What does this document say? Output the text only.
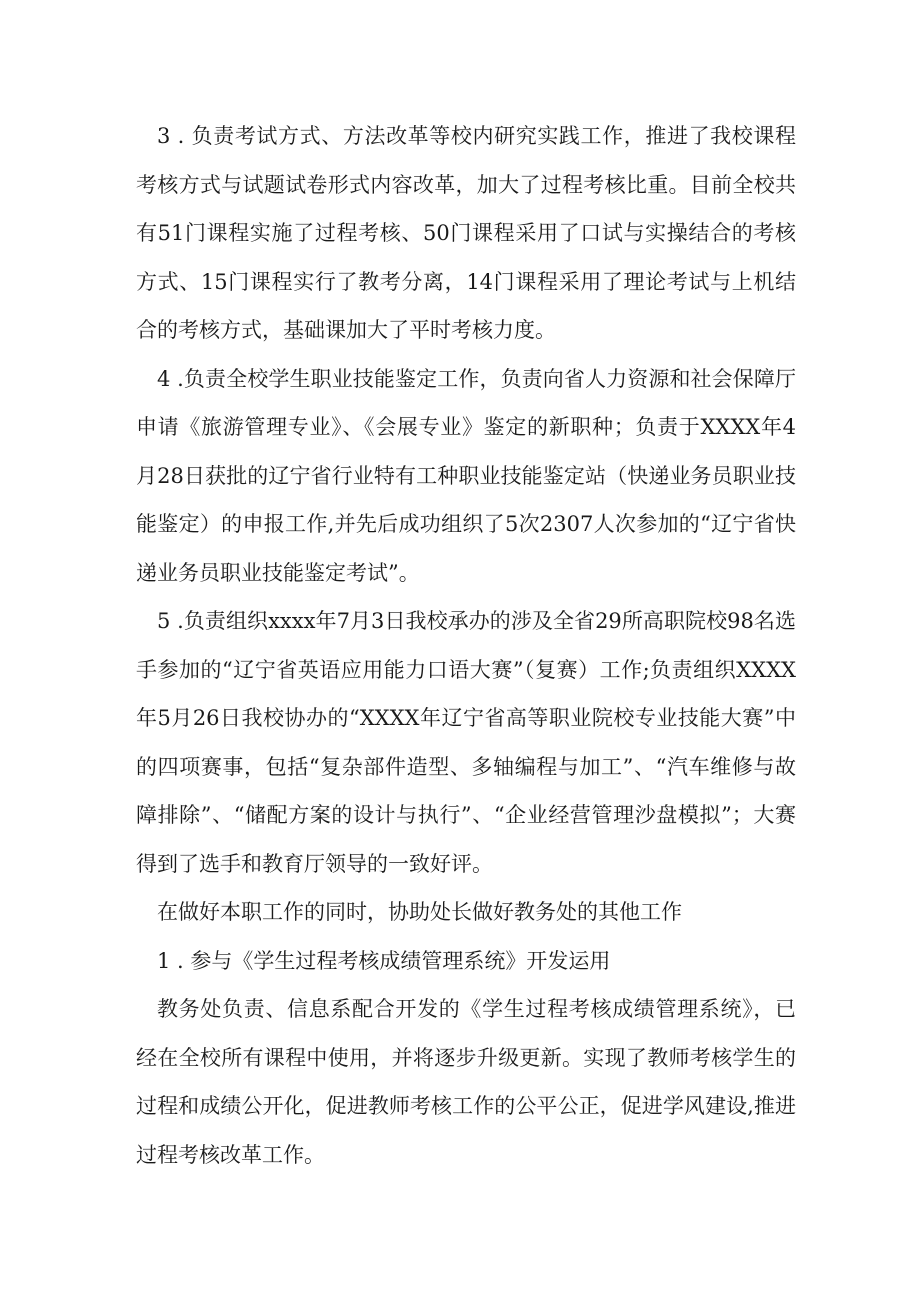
3 . 负责考试方式、方法改革等校内研究实践工作，推进了我校课程考核方式与试题试卷形式内容改革，加大了过程考核比重。目前全校共有51门课程实施了过程考核、50门课程采用了口试与实操结合的考核方式、15门课程实行了教考分离，14门课程采用了理论考试与上机结合的考核方式，基础课加大了平时考核力度。

4 .负责全校学生职业技能鉴定工作，负责向省人力资源和社会保障厅申请《旅游管理专业》、《会展专业》鉴定的新职种；负责于XXXX年4月28日获批的辽宁省行业特有工种职业技能鉴定站（快递业务员职业技能鉴定）的申报工作,并先后成功组织了5次2307人次参加的“辽宁省快递业务员职业技能鉴定考试”。

5 .负责组织xxxx年7月3日我校承办的涉及全省29所高职院校98名选手参加的“辽宁省英语应用能力口语大赛”（复赛）工作;负责组织XXXX年5月26日我校协办的“XXXX年辽宁省高等职业院校专业技能大赛”中的四项赛事，包括“复杂部件造型、多轴编程与加工”、“汽车维修与故障排除”、“储配方案的设计与执行”、“企业经营管理沙盘模拟”；大赛得到了选手和教育厅领导的一致好评。

在做好本职工作的同时，协助处长做好教务处的其他工作

1 . 参与《学生过程考核成绩管理系统》开发运用

教务处负责、信息系配合开发的《学生过程考核成绩管理系统》，已经在全校所有课程中使用，并将逐步升级更新。实现了教师考核学生的过程和成绩公开化，促进教师考核工作的公平公正，促进学风建设,推进过程考核改革工作。
